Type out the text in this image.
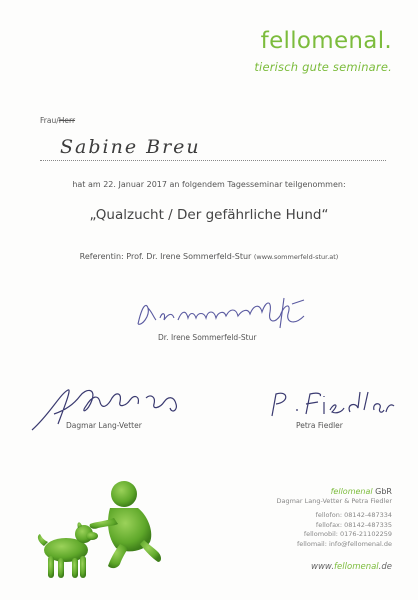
fellomenal.
tierisch gute seminare.
Frau/Herr
Sabine Breu
hat am 22. Januar 2017 an folgendem Tagesseminar teilgenommen:
„Qualzucht / Der gefährliche Hund“
Referentin: Prof. Dr. Irene Sommerfeld-Stur (www.sommerfeld-stur.at)
Dr. Irene Sommerfeld-Stur
Dagmar Lang-Vetter	Petra Fiedler
fellomenal GbR
Dagmar Lang-Vetter & Petra Fiedler
fellofon: 08142-487334
fellofax: 08142-487335
fellomobil: 0176-21102259
fellomail: info@fellomenal.de
www.fellomenal.de
